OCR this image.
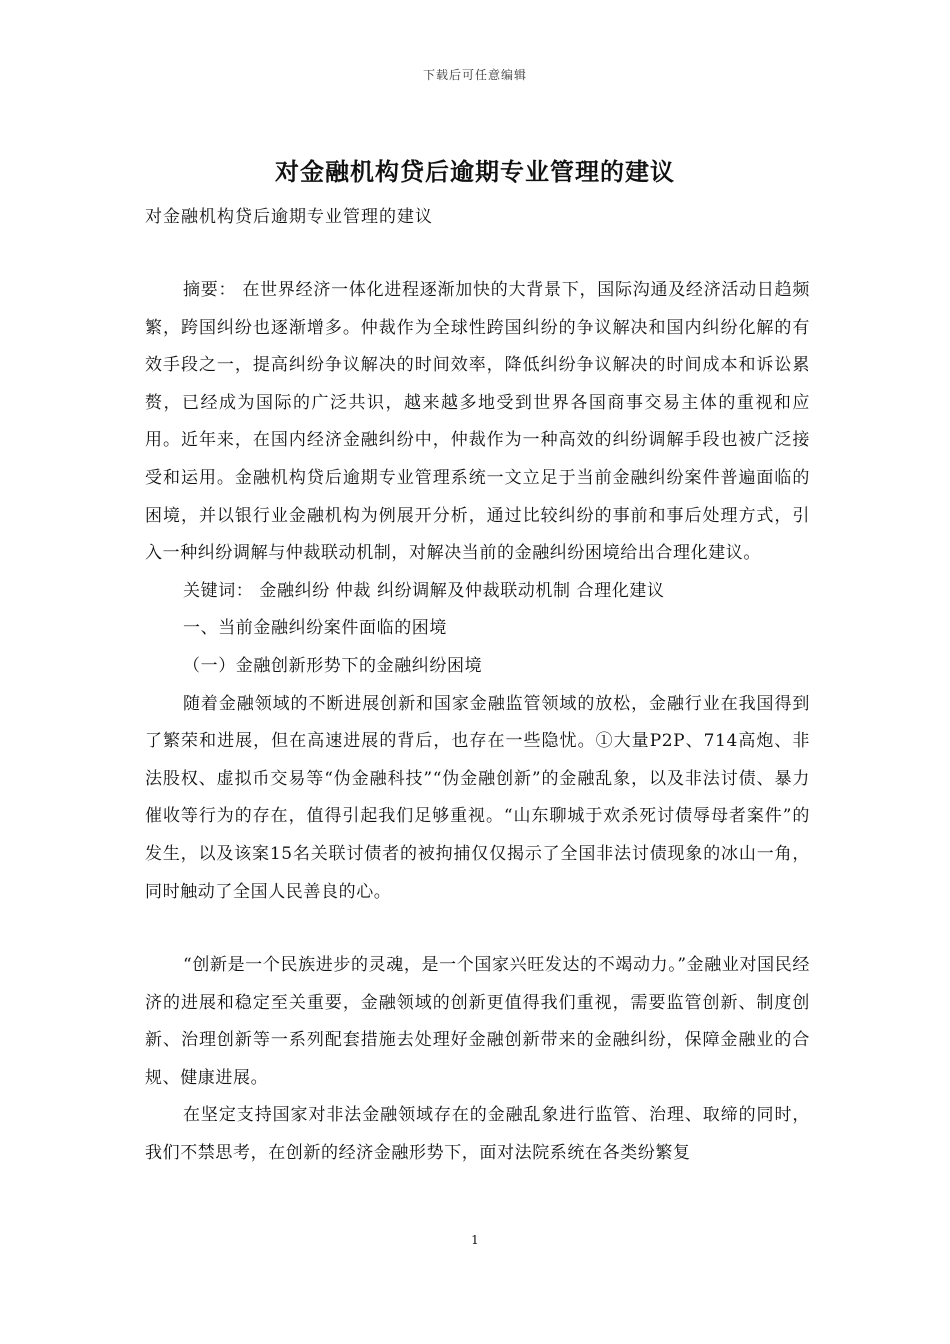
下载后可任意编辑
对金融机构贷后逾期专业管理的建议
对金融机构贷后逾期专业管理的建议

摘要： 在世界经济一体化进程逐渐加快的大背景下，国际沟通及经济活动日趋频繁，跨国纠纷也逐渐增多。仲裁作为全球性跨国纠纷的争议解决和国内纠纷化解的有效手段之一，提高纠纷争议解决的时间效率，降低纠纷争议解决的时间成本和诉讼累赘，已经成为国际的广泛共识，越来越多地受到世界各国商事交易主体的重视和应用。近年来，在国内经济金融纠纷中，仲裁作为一种高效的纠纷调解手段也被广泛接受和运用。金融机构贷后逾期专业管理系统一文立足于当前金融纠纷案件普遍面临的困境，并以银行业金融机构为例展开分析，通过比较纠纷的事前和事后处理方式，引入一种纠纷调解与仲裁联动机制，对解决当前的金融纠纷困境给出合理化建议。

关键词： 金融纠纷 仲裁 纠纷调解及仲裁联动机制 合理化建议

一、当前金融纠纷案件面临的困境

（一）金融创新形势下的金融纠纷困境

随着金融领域的不断进展创新和国家金融监管领域的放松，金融行业在我国得到了繁荣和进展，但在高速进展的背后，也存在一些隐忧。①大量P2P、714高炮、非法股权、虚拟币交易等“伪金融科技”“伪金融创新”的金融乱象，以及非法讨债、暴力催收等行为的存在，值得引起我们足够重视。“山东聊城于欢杀死讨债辱母者案件”的发生，以及该案15名关联讨债者的被拘捕仅仅揭示了全国非法讨债现象的冰山一角，同时触动了全国人民善良的心。

“创新是一个民族进步的灵魂，是一个国家兴旺发达的不竭动力。”金融业对国民经济的进展和稳定至关重要，金融领域的创新更值得我们重视，需要监管创新、制度创新、治理创新等一系列配套措施去处理好金融创新带来的金融纠纷，保障金融业的合规、健康进展。

在坚定支持国家对非法金融领域存在的金融乱象进行监管、治理、取缔的同时，我们不禁思考，在创新的经济金融形势下，面对法院系统在各类纷繁复

1
